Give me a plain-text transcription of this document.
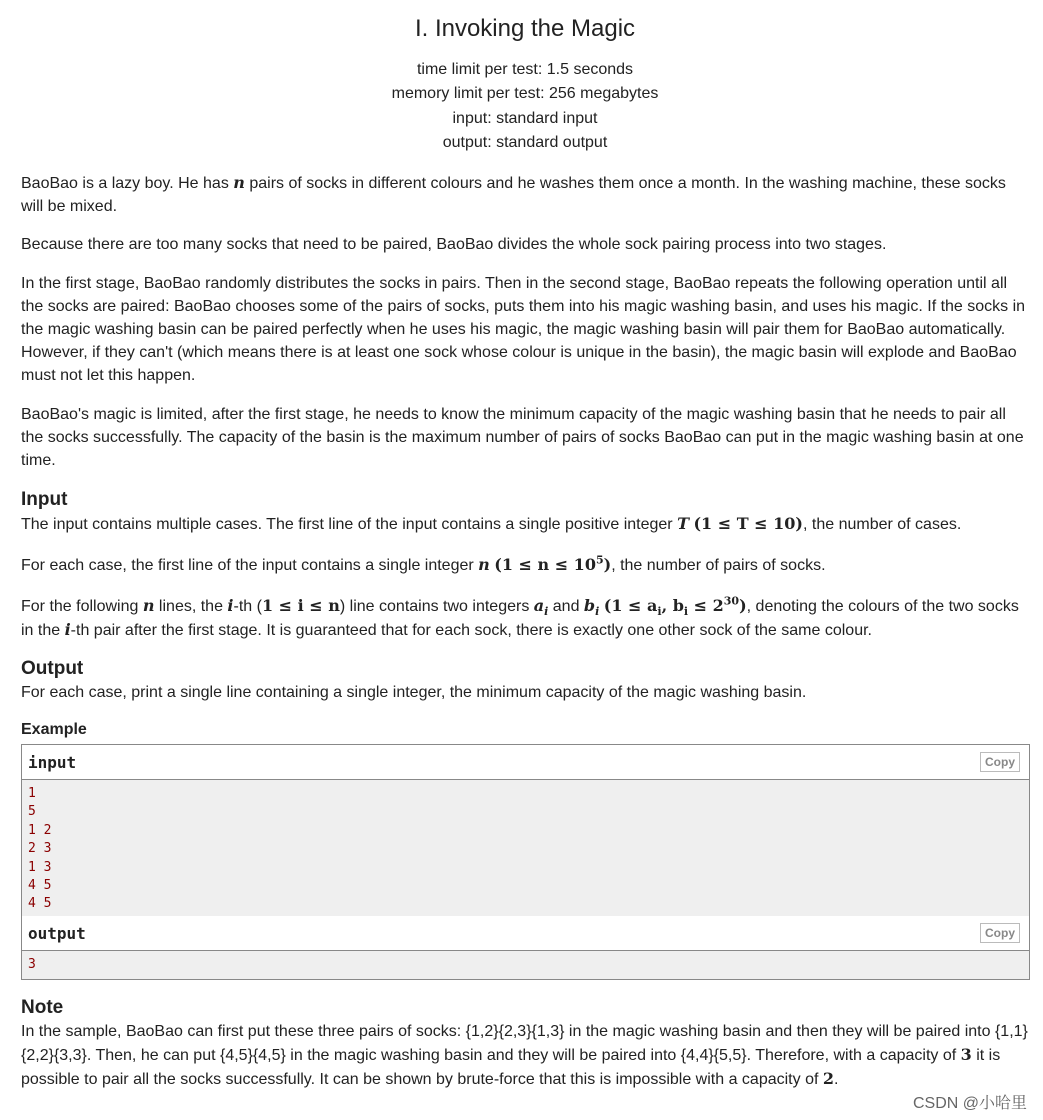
I. Invoking the Magic
time limit per test: 1.5 seconds
memory limit per test: 256 megabytes
input: standard input
output: standard output

BaoBao is a lazy boy. He has n pairs of socks in different colours and he washes them once a month. In the washing machine, these socks will be mixed.

Because there are too many socks that need to be paired, BaoBao divides the whole sock pairing process into two stages.

In the first stage, BaoBao randomly distributes the socks in pairs. Then in the second stage, BaoBao repeats the following operation until all the socks are paired: BaoBao chooses some of the pairs of socks, puts them into his magic washing basin, and uses his magic. If the socks in the magic washing basin can be paired perfectly when he uses his magic, the magic washing basin will pair them for BaoBao automatically. However, if they can't (which means there is at least one sock whose colour is unique in the basin), the magic basin will explode and BaoBao must not let this happen.

BaoBao's magic is limited, after the first stage, he needs to know the minimum capacity of the magic washing basin that he needs to pair all the socks successfully. The capacity of the basin is the maximum number of pairs of socks BaoBao can put in the magic washing basin at one time.

Input

The input contains multiple cases. The first line of the input contains a single positive integer T (1 ≤ T ≤ 10), the number of cases.

For each case, the first line of the input contains a single integer n $(1 \le n \le 10^5)$, the number of pairs of socks.

For the following n lines, the i-th (1 ≤ i ≤ n) line contains two integers $a_i$ and $b_i$ ($1 \le a_i$, $b_i \le 2^{30}$), denoting the colours of the two socks in the i-th pair after the first stage. It is guaranteed that for each sock, there is exactly one other sock of the same colour.

Output

For each case, print a single line containing a single integer, the minimum capacity of the magic washing basin.

Example
input	Copy
1
5
1 2
2 3
1 3
4 5
4 5
output	Copy
3
Note

In the sample, BaoBao can first put these three pairs of socks: {1,2}{2,3}{1,3} in the magic washing basin and then they will be paired into {1,1}{2,2}{3,3}. Then, he can put {4,5}{4,5} in the magic washing basin and they will be paired into {4,4}{5,5}. Therefore, with a capacity of 3 it is possible to pair all the socks successfully. It can be shown by brute-force that this is impossible with a capacity of 2.

CSDN @小哈里
